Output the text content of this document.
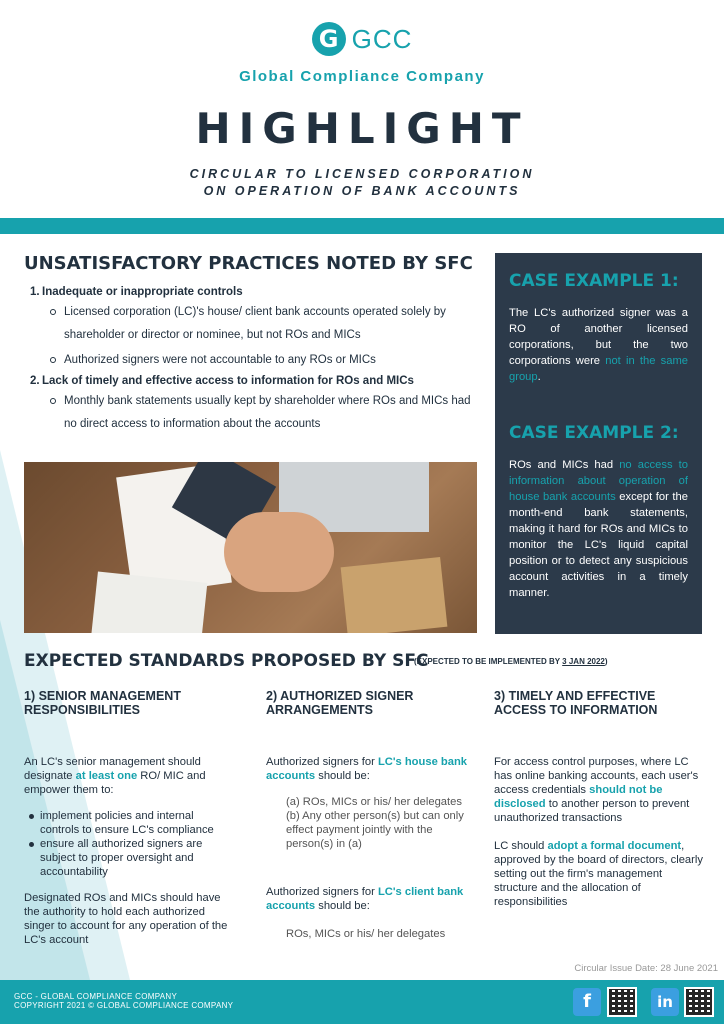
G GCC
Global Compliance Company
HIGHLIGHT
CIRCULAR TO LICENSED CORPORATION
ON OPERATION OF BANK ACCOUNTS
UNSATISFACTORY PRACTICES NOTED BY SFC
1. Inadequate or inappropriate controls
Licensed corporation (LC)'s house/ client bank accounts operated solely by shareholder or director or nominee, but not ROs and MICs
Authorized signers were not accountable to any ROs or MICs
2. Lack of timely and effective access to information for ROs and MICs
Monthly bank statements usually kept by shareholder where ROs and MICs had no direct access to information about the accounts
CASE EXAMPLE 1:

The LC's authorized signer was a RO of another licensed corporations, but the two corporations were not in the same group.

CASE EXAMPLE 2:

ROs and MICs had no access to information about operation of house bank accounts except for the month-end bank statements, making it hard for ROs and MICs to monitor the LC's liquid capital position or to detect any suspicious account activities in a timely manner.

EXPECTED STANDARDS PROPOSED BY SFC
(EXPECTED TO BE IMPLEMENTED BY 3 JAN 2022)
1) SENIOR MANAGEMENT RESPONSIBILITIES

An LC's senior management should designate at least one RO/ MIC and empower them to:

implement policies and internal controls to ensure LC's compliance
ensure all authorized signers are subject to proper oversight and accountability

Designated ROs and MICs should have the authority to hold each authorized singer to account for any operation of the LC's account

2) AUTHORIZED SIGNER ARRANGEMENTS

Authorized signers for LC's house bank accounts should be:

(a) ROs, MICs or his/ her delegates

(b) Any other person(s) but can only effect payment jointly with the person(s) in (a)

Authorized signers for LC's client bank accounts should be:

ROs, MICs or his/ her delegates

3) TIMELY AND EFFECTIVE ACCESS TO INFORMATION

For access control purposes, where LC has online banking accounts, each user's access credentials should not be disclosed to another person to prevent unauthorized transactions

LC should adopt a formal document, approved by the board of directors, clearly setting out the firm's management structure and the allocation of responsibilities

Circular Issue Date: 28 June 2021
GCC - GLOBAL COMPLIANCE COMPANY
COPYRIGHT 2021 © GLOBAL COMPLIANCE COMPANY	f	in
